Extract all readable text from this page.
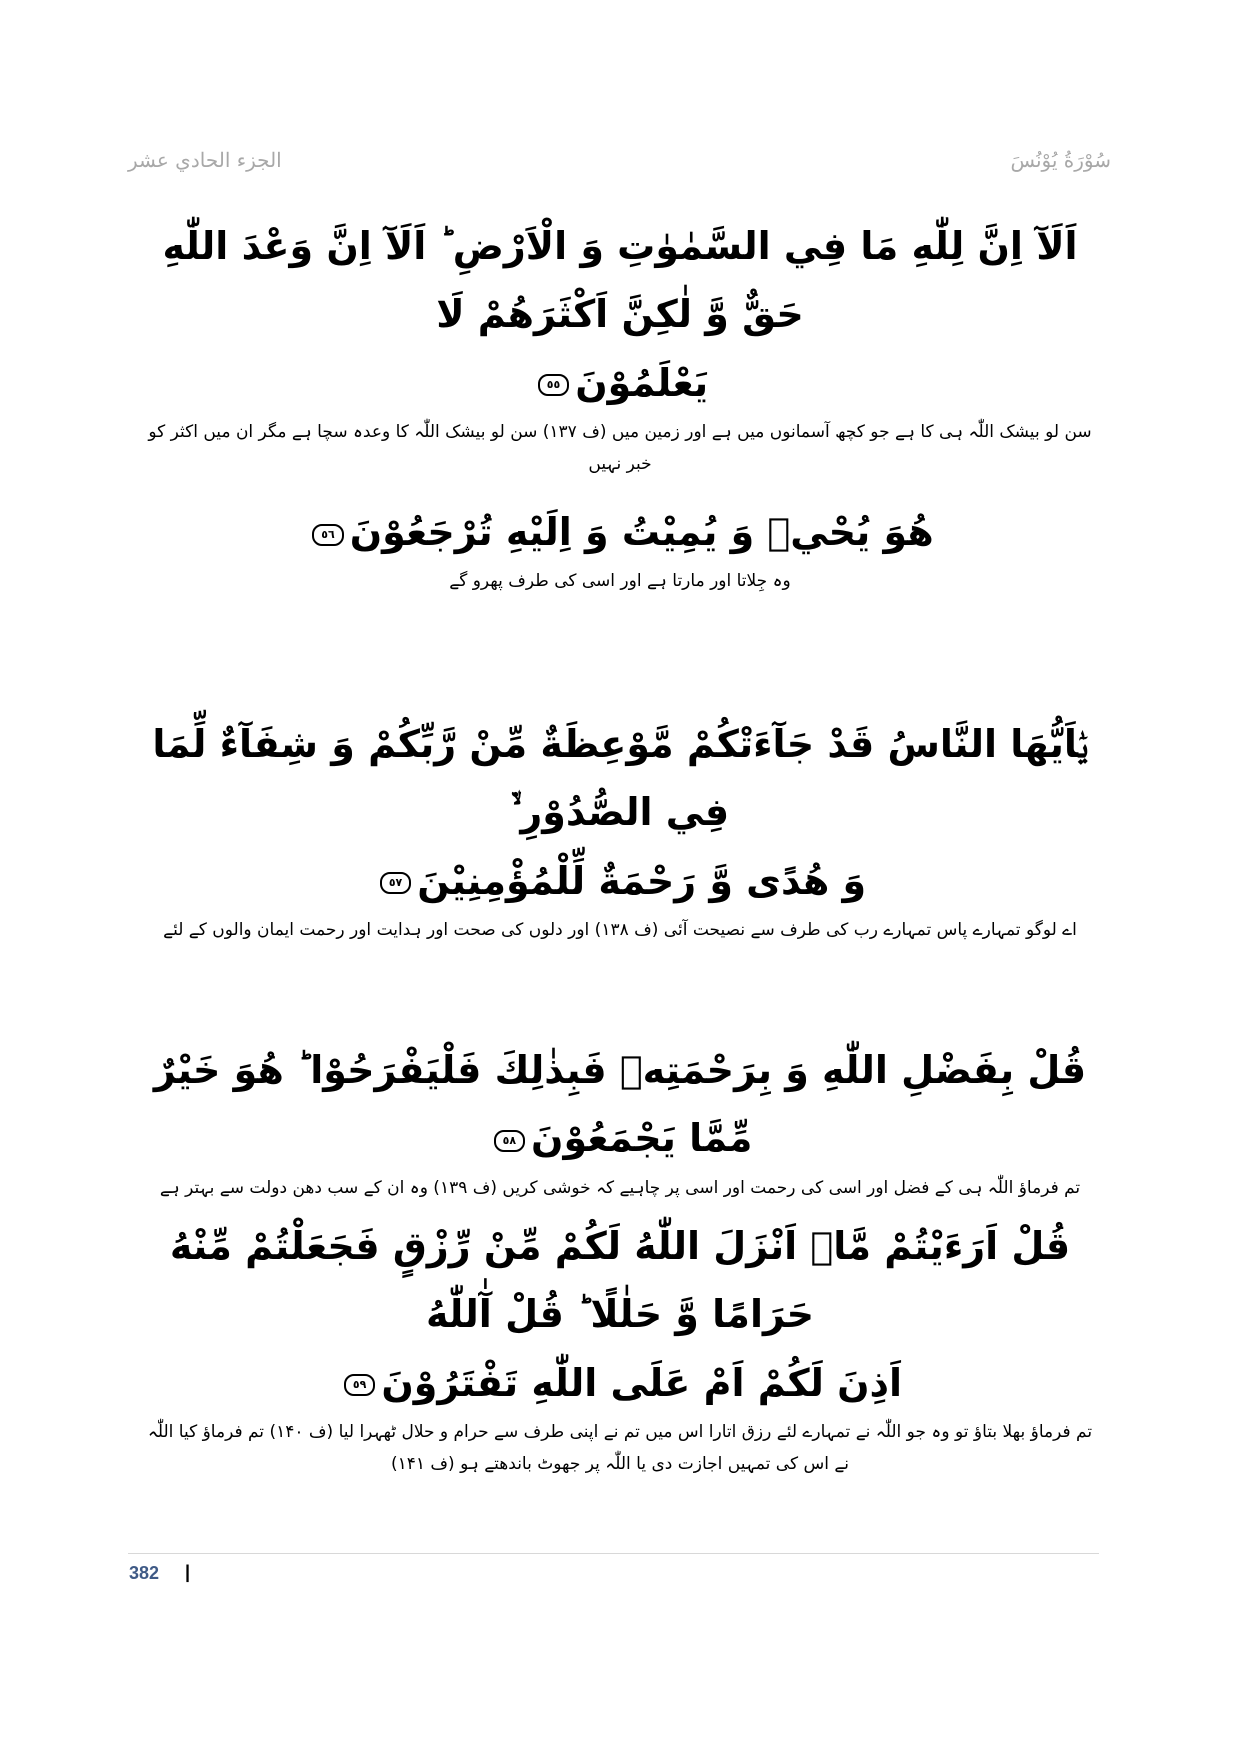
سُوْرَةُ يُوْنُسَ
الجزء الحادي عشر

اَلَآ اِنَّ لِلّٰهِ مَا فِي السَّمٰوٰتِ وَ الْاَرْضِ ؕ اَلَآ اِنَّ وَعْدَ اللّٰهِ حَقٌّ وَّ لٰكِنَّ اَكْثَرَهُمْ لَا

يَعْلَمُوْنَ٥٥

سن لو بیشک اللّٰہ ہی کا ہے جو کچھ آسمانوں میں ہے اور زمین میں (ف ۱۳۷) سن لو بیشک اللّٰہ کا وعدہ سچا ہے مگر ان میں اکثر کو خبر نہیں

هُوَ يُحْيٖ وَ يُمِيْتُ وَ اِلَيْهِ تُرْجَعُوْنَ٥٦

وہ جِلاتا اور مارتا ہے اور اسی کی طرف پھرو گے

يٰۤاَيُّهَا النَّاسُ قَدْ جَآءَتْكُمْ مَّوْعِظَةٌ مِّنْ رَّبِّكُمْ وَ شِفَآءٌ لِّمَا فِي الصُّدُوْرِ ۙ۬

وَ هُدًى وَّ رَحْمَةٌ لِّلْمُؤْمِنِيْنَ٥٧

اے لوگو تمہارے پاس تمہارے رب کی طرف سے نصیحت آئی (ف ۱۳۸) اور دلوں کی صحت اور ہدایت اور رحمت ایمان والوں کے لئے

قُلْ بِفَضْلِ اللّٰهِ وَ بِرَحْمَتِهٖ فَبِذٰلِكَ فَلْيَفْرَحُوْا ؕ هُوَ خَيْرٌ مِّمَّا يَجْمَعُوْنَ٥٨

تم فرماؤ اللّٰہ ہی کے فضل اور اسی کی رحمت اور اسی پر چاہیے کہ خوشی کریں (ف ۱۳۹) وہ ان کے سب دھن دولت سے بہتر ہے

قُلْ اَرَءَيْتُمْ مَّاۤ اَنْزَلَ اللّٰهُ لَكُمْ مِّنْ رِّزْقٍ فَجَعَلْتُمْ مِّنْهُ حَرَامًا وَّ حَلٰلًا ؕ قُلْ آٰللّٰهُ

اَذِنَ لَكُمْ اَمْ عَلَى اللّٰهِ تَفْتَرُوْنَ٥٩

تم فرماؤ بھلا بتاؤ تو وہ جو اللّٰہ نے تمہارے لئے رزق اتارا اس میں تم نے اپنی طرف سے حرام و حلال ٹھہرا لیا (ف ۱۴۰) تم فرماؤ کیا اللّٰہ نے اس کی تمہیں اجازت دی یا اللّٰہ پر جھوٹ باندھتے ہو (ف ۱۴۱)

382 |
